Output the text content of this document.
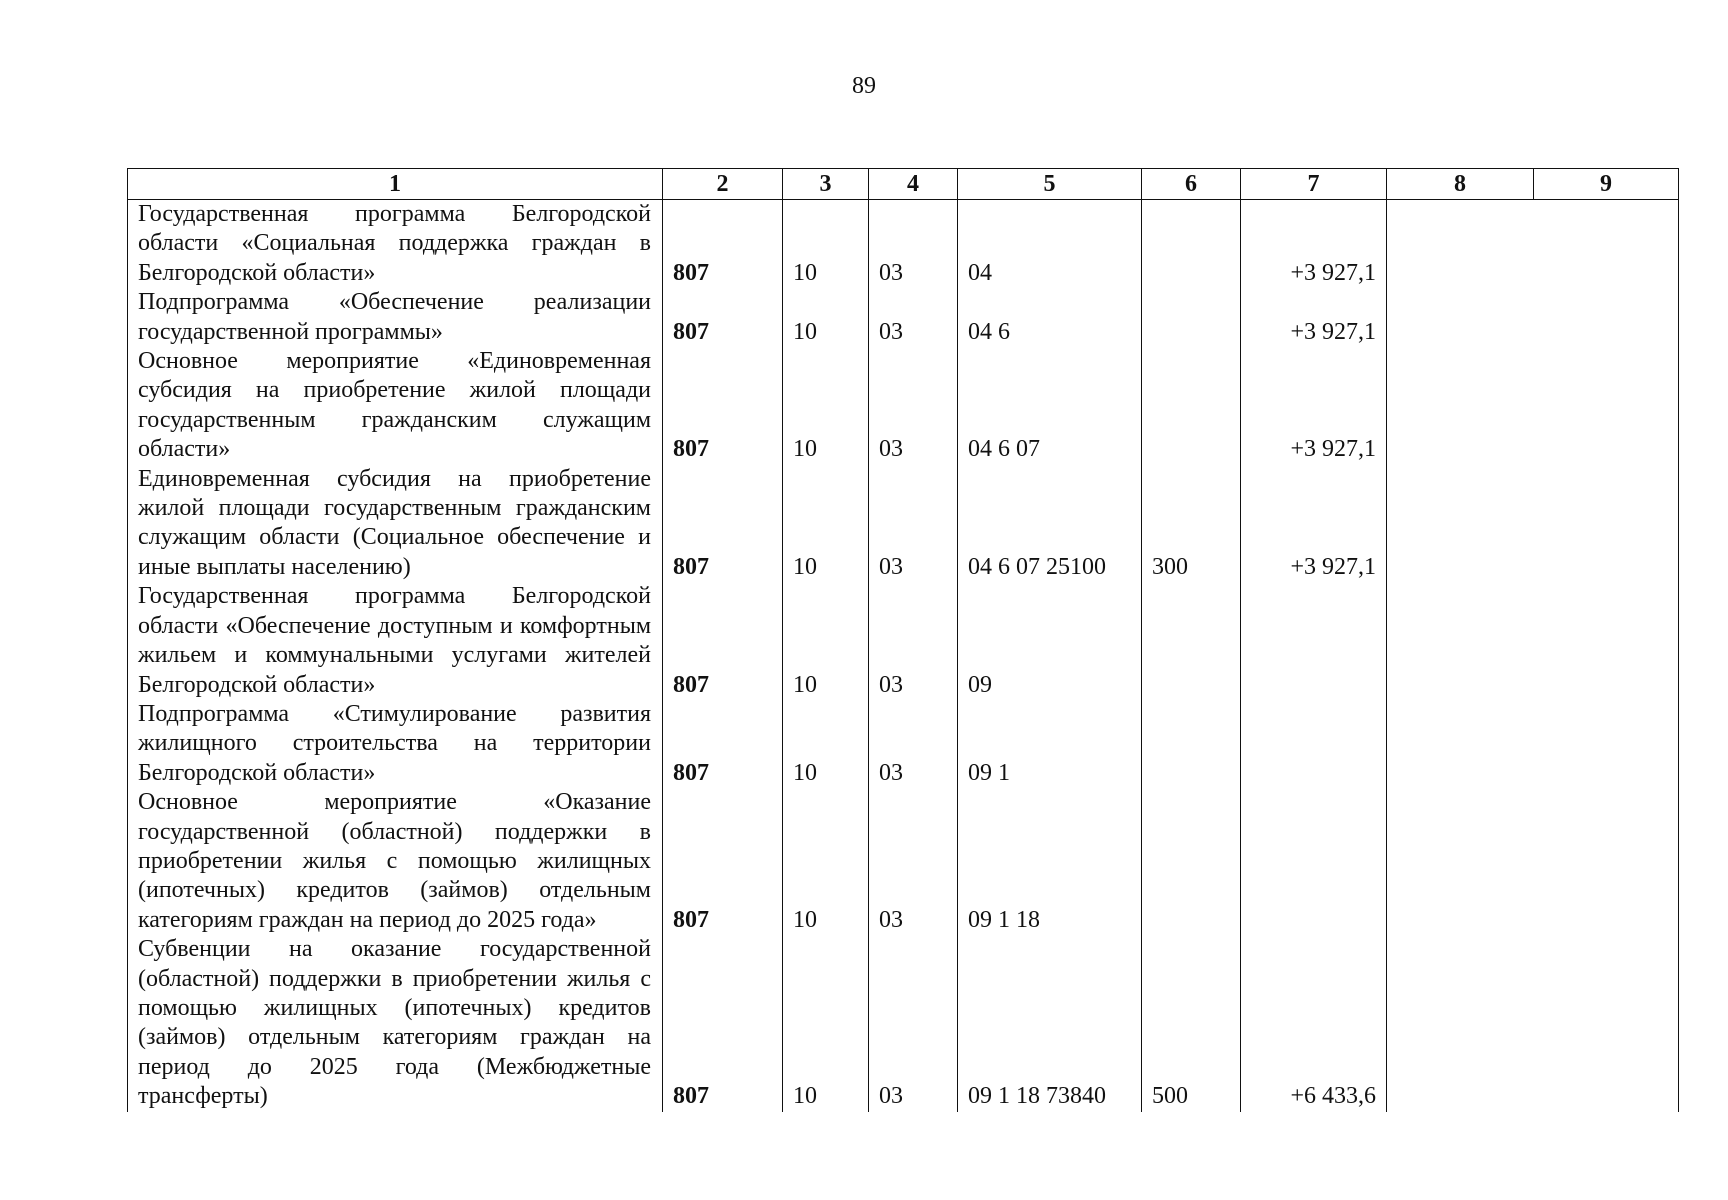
89
1	2	3	4	5	6	7	8	9
Государственная программа Белгородской области «Социальная поддержка граждан в Белгородской области»	807	10	03	04		+3 927,1		
Подпрограмма «Обеспечение реализации государственной программы»	807	10	03	04 6		+3 927,1		
Основное мероприятие «Единовременная субсидия на приобретение жилой площади государственным гражданским служащим области»	807	10	03	04 6 07		+3 927,1		
Единовременная субсидия на приобретение жилой площади государственным гражданским служащим области (Социальное обеспечение и иные выплаты населению)	807	10	03	04 6 07 25100	300	+3 927,1		
Государственная программа Белгородской области «Обеспечение доступным и комфортным жильем и коммунальными услугами жителей Белгородской области»	807	10	03	09				
Подпрограмма «Стимулирование развития жилищного строительства на территории Белгородской области»	807	10	03	09 1				
Основное мероприятие «Оказание государственной (областной) поддержки в приобретении жилья с помощью жилищных (ипотечных) кредитов (займов) отдельным категориям граждан на период до 2025 года»	807	10	03	09 1 18				
Субвенции на оказание государственной (областной) поддержки в приобретении жилья с помощью жилищных (ипотечных) кредитов (займов) отдельным категориям граждан на период до 2025 года (Межбюджетные трансферты)	807	10	03	09 1 18 73840	500	+6 433,6		
